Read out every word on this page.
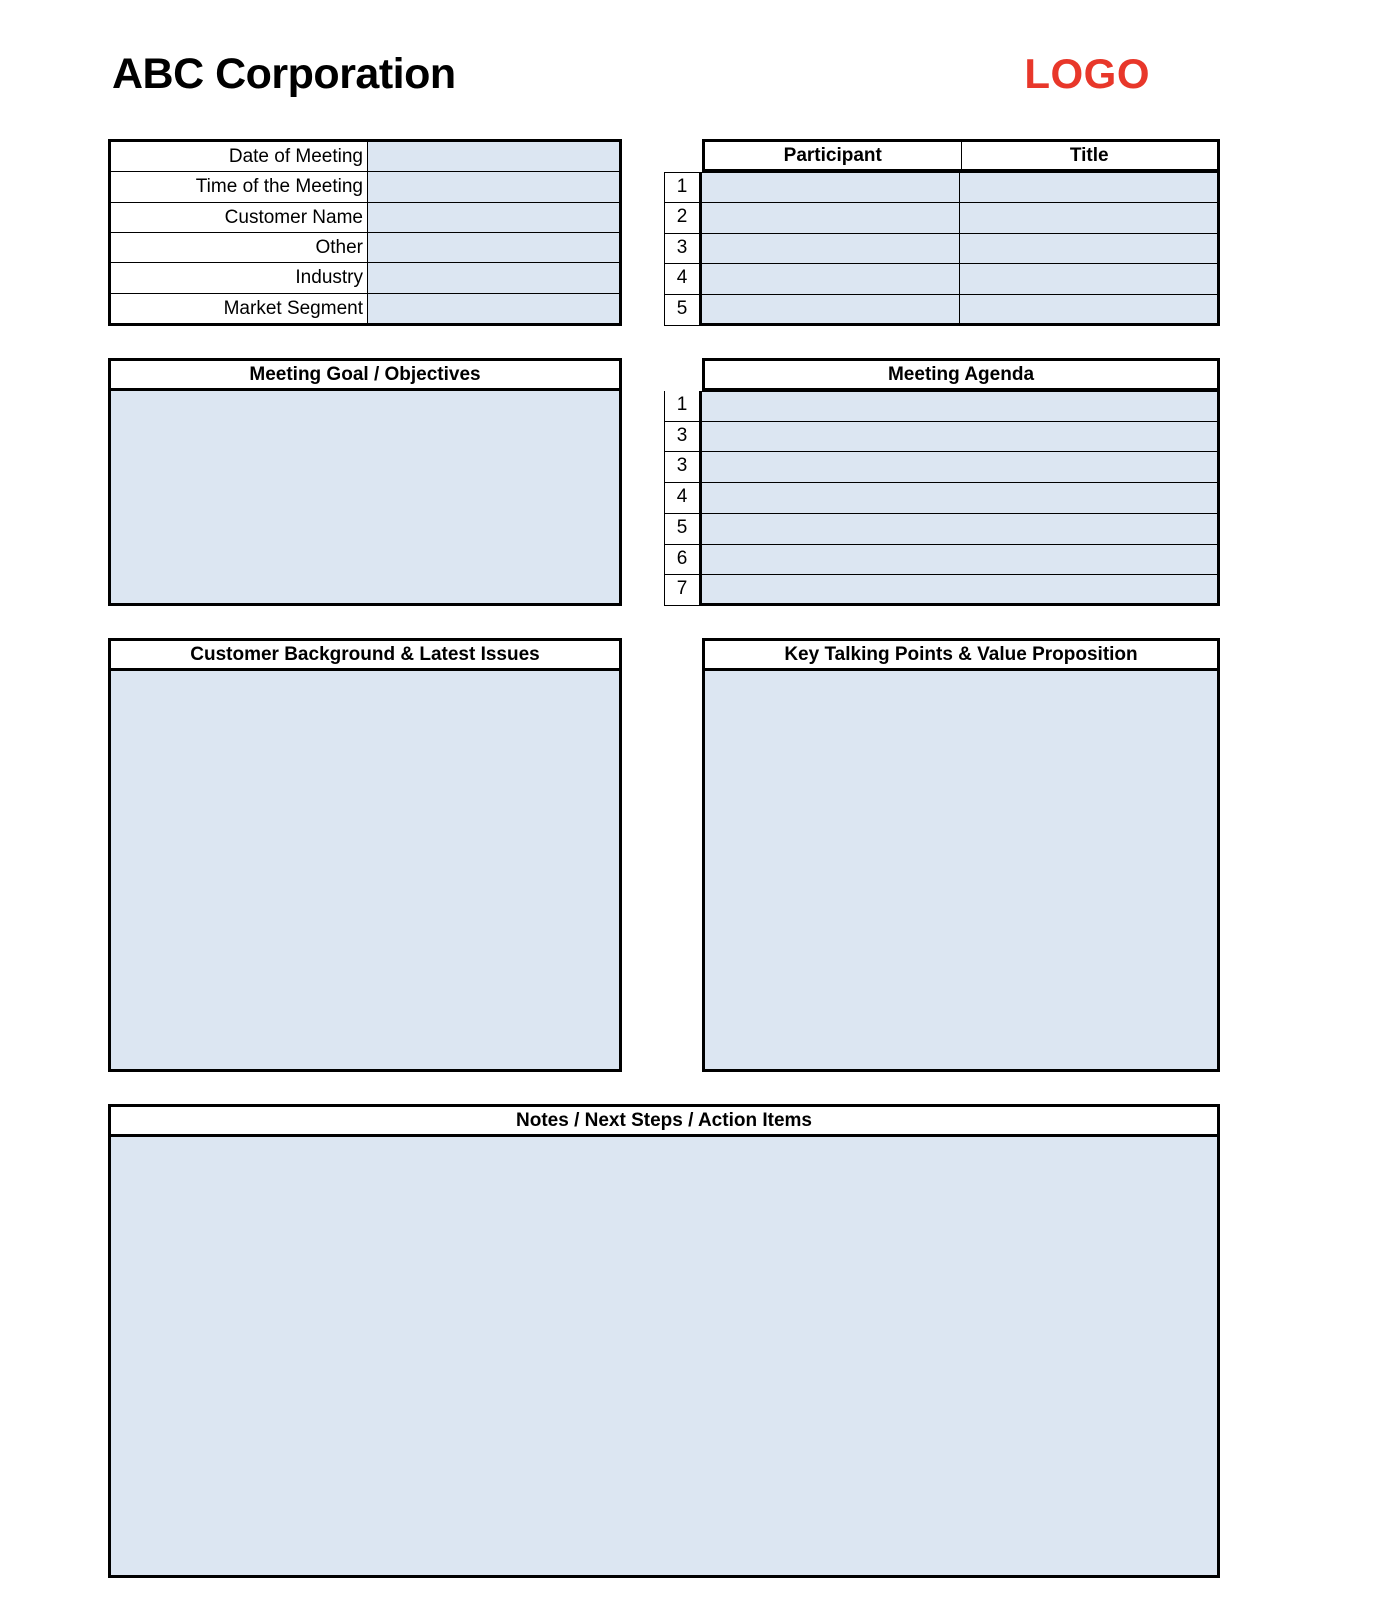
ABC Corporation	LOGO
Date of Meeting
Time of the Meeting
Customer Name
Other
Industry
Market Segment
Participant	Title
1
2
3
4
5
Meeting Goal / Objectives	Meeting Agenda
1
3
3
4
5
6
7
Customer Background & Latest Issues	Key Talking Points & Value Proposition
Notes / Next Steps / Action Items
